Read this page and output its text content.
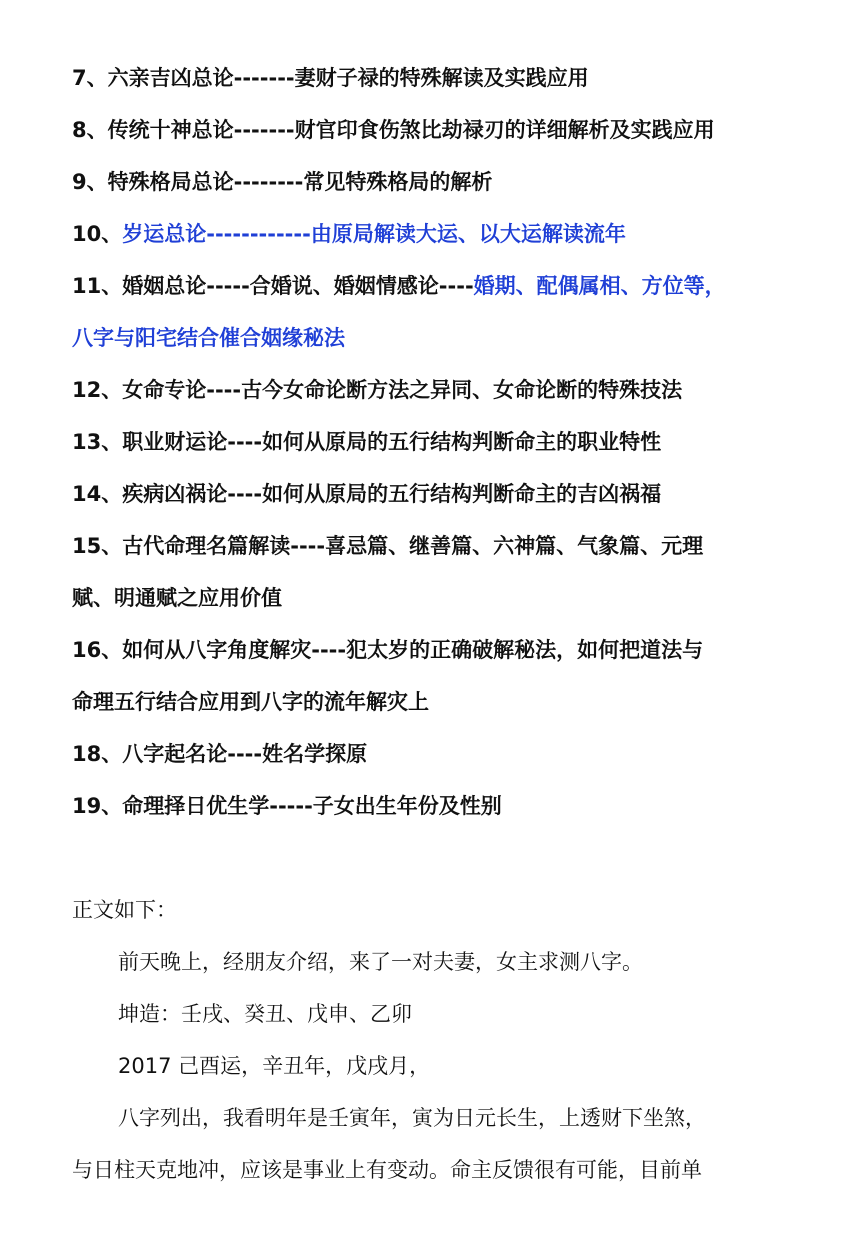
7、六亲吉凶总论-------妻财子禄的特殊解读及实践应用
8、传统十神总论-------财官印食伤煞比劫禄刃的详细解析及实践应用
9、特殊格局总论--------常见特殊格局的解析
10、岁运总论------------由原局解读大运、以大运解读流年
11、婚姻总论-----合婚说、婚姻情感论----婚期、配偶属相、方位等，
八字与阳宅结合催合姻缘秘法
12、女命专论----古今女命论断方法之异同、女命论断的特殊技法
13、职业财运论----如何从原局的五行结构判断命主的职业特性
14、疾病凶祸论----如何从原局的五行结构判断命主的吉凶祸福
15、古代命理名篇解读----喜忌篇、继善篇、六神篇、气象篇、元理
赋、明通赋之应用价值
16、如何从八字角度解灾----犯太岁的正确破解秘法，如何把道法与
命理五行结合应用到八字的流年解灾上
18、八字起名论----姓名学探原
19、命理择日优生学-----子女出生年份及性别
正文如下：
前天晚上，经朋友介绍，来了一对夫妻，女主求测八字。
坤造：壬戌、癸丑、戊申、乙卯
2017 己酉运，辛丑年，戊戌月，
八字列出，我看明年是壬寅年，寅为日元长生，上透财下坐煞，
与日柱天克地冲，应该是事业上有变动。命主反馈很有可能，目前单
